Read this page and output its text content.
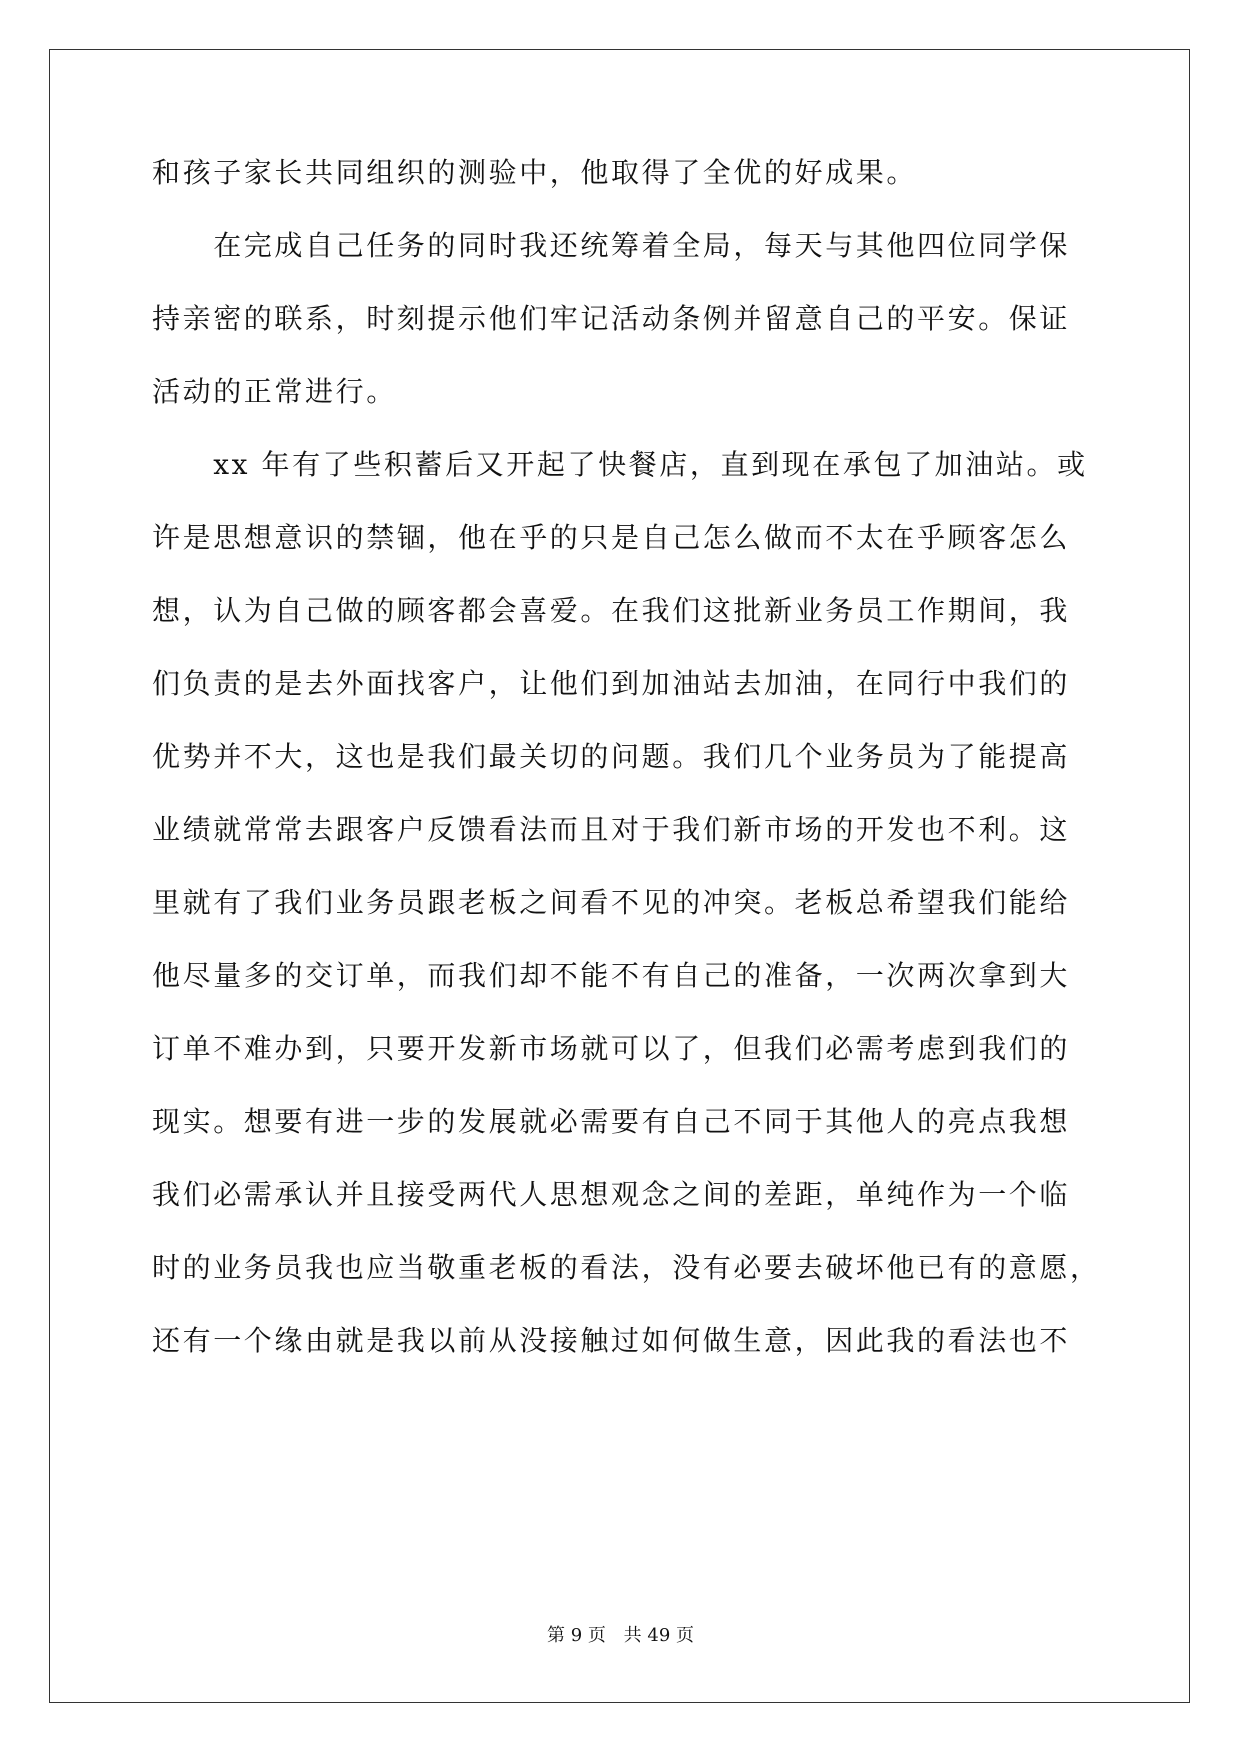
和孩子家长共同组织的测验中，他取得了全优的好成果。
　　在完成自己任务的同时我还统筹着全局，每天与其他四位同学保
持亲密的联系，时刻提示他们牢记活动条例并留意自己的平安。保证
活动的正常进行。
　　xx 年有了些积蓄后又开起了快餐店，直到现在承包了加油站。或
许是思想意识的禁锢，他在乎的只是自己怎么做而不太在乎顾客怎么
想，认为自己做的顾客都会喜爱。在我们这批新业务员工作期间，我
们负责的是去外面找客户，让他们到加油站去加油，在同行中我们的
优势并不大，这也是我们最关切的问题。我们几个业务员为了能提高
业绩就常常去跟客户反馈看法而且对于我们新市场的开发也不利。这
里就有了我们业务员跟老板之间看不见的冲突。老板总希望我们能给
他尽量多的交订单，而我们却不能不有自己的准备，一次两次拿到大
订单不难办到，只要开发新市场就可以了，但我们必需考虑到我们的
现实。想要有进一步的发展就必需要有自己不同于其他人的亮点我想
我们必需承认并且接受两代人思想观念之间的差距，单纯作为一个临
时的业务员我也应当敬重老板的看法，没有必要去破坏他已有的意愿，
还有一个缘由就是我以前从没接触过如何做生意，因此我的看法也不
第 9 页 共 49 页
